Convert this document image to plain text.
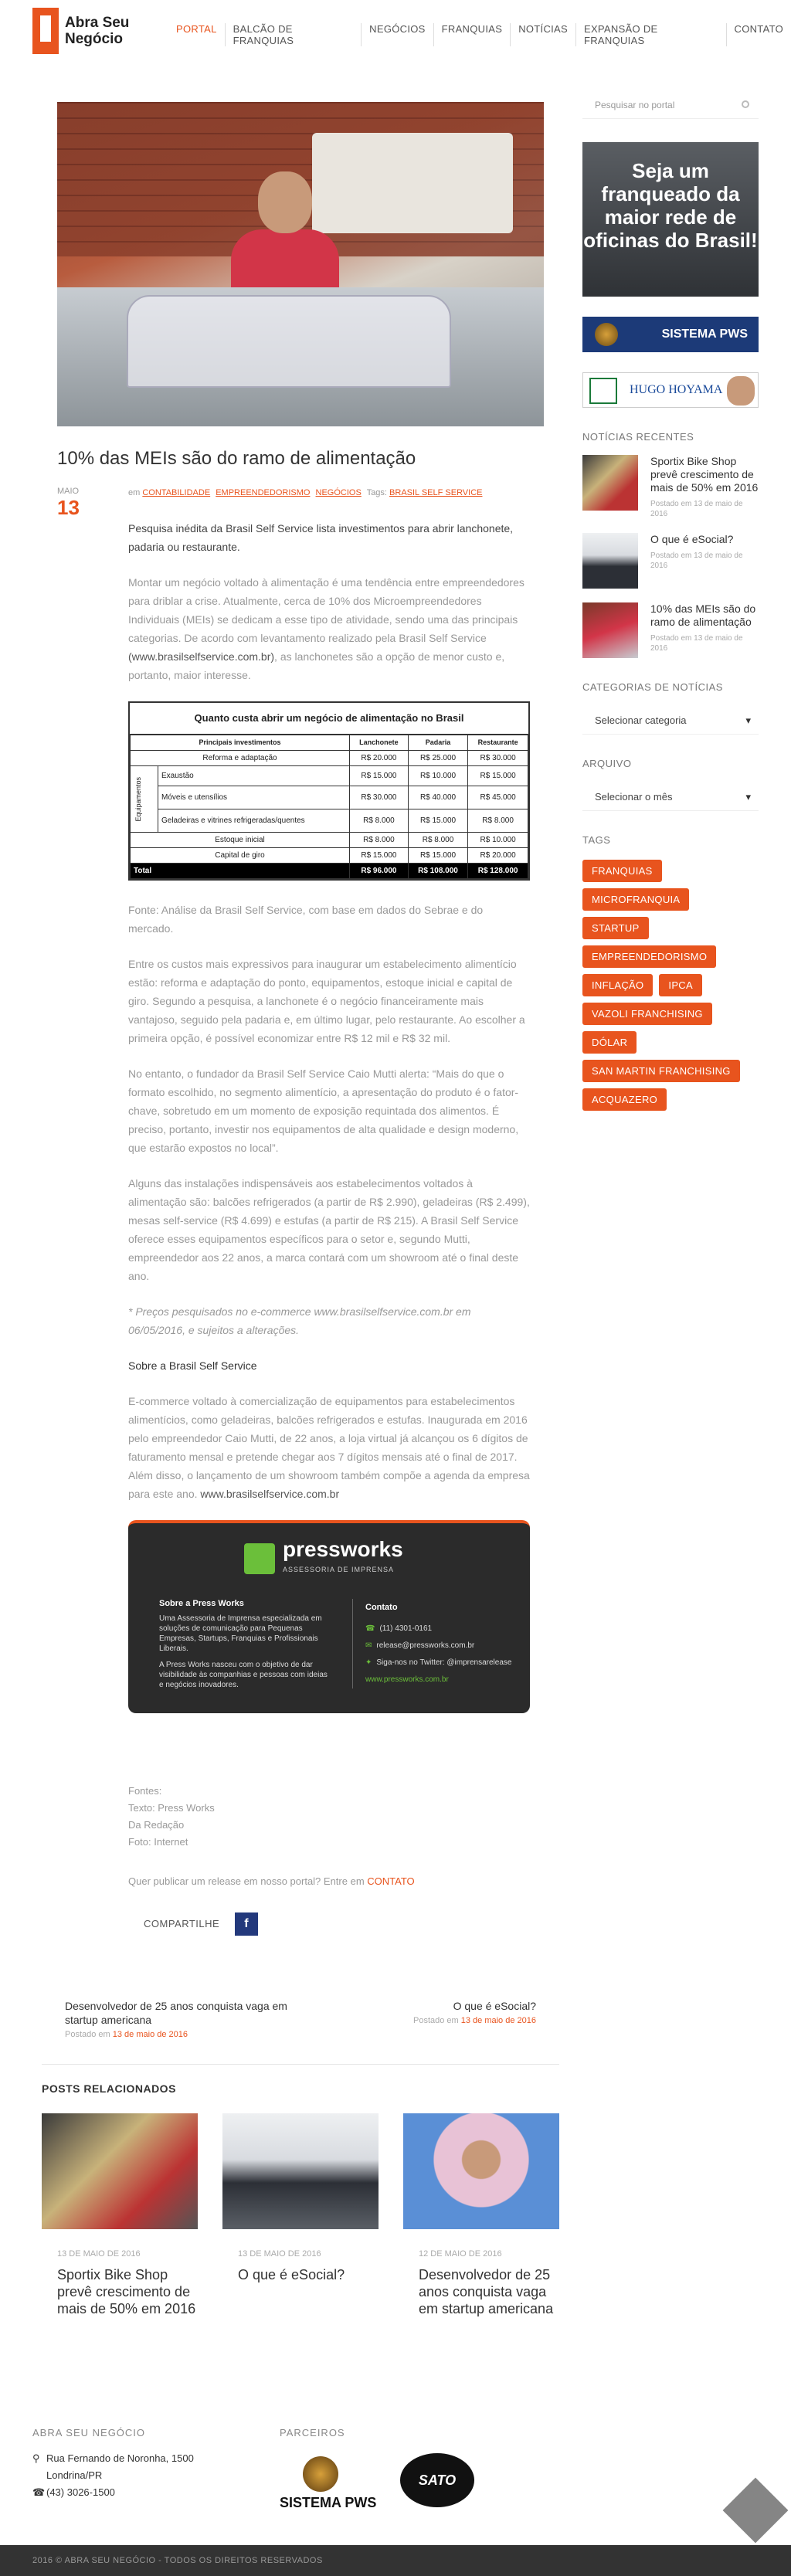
Abra Seu
Negócio
PORTAL	BALCÃO DE FRANQUIAS
NEGÓCIOS	FRANQUIAS	NOTÍCIAS	EXPANSÃO DE FRANQUIAS
CONTATO
10% das MEIs são do ramo de alimentação
MAIO
13
em CONTABILIDADE EMPREENDEDORISMO NEGÓCIOS Tags: BRASIL SELF SERVICE

Pesquisa inédita da Brasil Self Service lista investimentos para abrir lanchonete, padaria ou restaurante.

Montar um negócio voltado à alimentação é uma tendência entre empreendedores para driblar a crise. Atualmente, cerca de 10% dos Microempreendedores Individuais (MEIs) se dedicam a esse tipo de atividade, sendo uma das principais categorias. De acordo com levantamento realizado pela Brasil Self Service (www.brasilselfservice.com.br), as lanchonetes são a opção de menor custo e, portanto, maior interesse.

Quanto custa abrir um negócio de alimentação no Brasil
Principais investimentos		Lanchonete	Padaria	Restaurante
Reforma e adaptação		R$ 20.000	R$ 25.000	R$ 30.000

Equipamentos	Exaustão	R$ 15.000	R$ 10.000	R$ 15.000
	Móveis e utensílios	R$ 30.000	R$ 40.000	R$ 45.000
	Geladeiras e vitrines refrigeradas/quentes	R$ 8.000	R$ 15.000	R$ 8.000
Estoque inicial		R$ 8.000	R$ 8.000	R$ 10.000
Capital de giro		R$ 15.000	R$ 15.000	R$ 20.000
Total		R$ 96.000	R$ 108.000	R$ 128.000

Fonte: Análise da Brasil Self Service, com base em dados do Sebrae e do mercado.

Entre os custos mais expressivos para inaugurar um estabelecimento alimentício estão: reforma e adaptação do ponto, equipamentos, estoque inicial e capital de giro. Segundo a pesquisa, a lanchonete é o negócio financeiramente mais vantajoso, seguido pela padaria e, em último lugar, pelo restaurante. Ao escolher a primeira opção, é possível economizar entre R$ 12 mil e R$ 32 mil.

No entanto, o fundador da Brasil Self Service Caio Mutti alerta: “Mais do que o formato escolhido, no segmento alimentício, a apresentação do produto é o fator-chave, sobretudo em um momento de exposição requintada dos alimentos. É preciso, portanto, investir nos equipamentos de alta qualidade e design moderno, que estarão expostos no local”.

Alguns das instalações indispensáveis aos estabelecimentos voltados à alimentação são: balcões refrigerados (a partir de R$ 2.990), geladeiras (R$ 2.499), mesas self-service (R$ 4.699) e estufas (a partir de R$ 215). A Brasil Self Service oferece esses equipamentos específicos para o setor e, segundo Mutti, empreendedor aos 22 anos, a marca contará com um showroom até o final deste ano.

* Preços pesquisados no e-commerce www.brasilselfservice.com.br em 06/05/2016, e sujeitos a alterações.

Sobre a Brasil Self Service

E-commerce voltado à comercialização de equipamentos para estabelecimentos alimentícios, como geladeiras, balcões refrigerados e estufas. Inaugurada em 2016 pelo empreendedor Caio Mutti, de 22 anos, a loja virtual já alcançou os 6 dígitos de faturamento mensal e pretende chegar aos 7 dígitos mensais até o final de 2017. Além disso, o lançamento de um showroom também compõe a agenda da empresa para este ano. www.brasilselfservice.com.br

pressworks
ASSESSORIA DE IMPRENSA
Sobre a Press Works
Uma Assessoria de Imprensa especializada em soluções de comunicação para Pequenas Empresas, Startups, Franquias e Profissionais Liberais.
A Press Works nasceu com o objetivo de dar visibilidade às companhias e pessoas com ideias e negócios inovadores.
Contato
☎ (11) 4301-0161
✉ release@pressworks.com.br
✦ Siga-nos no Twitter: @imprensarelease
www.pressworks.com.br
Fontes:
Texto: Press Works
Da Redação
Foto: Internet
Quer publicar um release em nosso portal? Entre em CONTATO
COMPARTILHE	f
Desenvolvedor de 25 anos conquista vaga em startup americana
Postado em 13 de maio de 2016
O que é eSocial?
Postado em 13 de maio de 2016
POSTS RELACIONADOS
13 DE MAIO DE 2016
Sportix Bike Shop prevê crescimento de mais de 50% em 2016
13 DE MAIO DE 2016
O que é eSocial?
12 DE MAIO DE 2016
Desenvolvedor de 25 anos conquista vaga em startup americana
Pesquisar no portal
Seja um franqueado da maior rede de oficinas do Brasil!
SISTEMA PWS
HUGO HOYAMA
NOTÍCIAS RECENTES
Sportix Bike Shop prevê crescimento de mais de 50% em 2016
Postado em 13 de maio de 2016
O que é eSocial?
Postado em 13 de maio de 2016
10% das MEIs são do ramo de alimentação
Postado em 13 de maio de 2016
CATEGORIAS DE NOTÍCIAS
Selecionar categoria ▾
ARQUIVO
Selecionar o mês ▾
TAGS
FRANQUIAS
MICROFRANQUIA
STARTUP
EMPREENDEDORISMO
INFLAÇÃO	IPCA
VAZOLI FRANCHISING
DÓLAR
SAN MARTIN FRANCHISING
ACQUAZERO
ABRA SEU NEGÓCIO
⚲ Rua Fernando de Noronha, 1500
Londrina/PR
☎ (43) 3026-1500
PARCEIROS
SISTEMA PWS
SATO
2016 © ABRA SEU NEGÓCIO - TODOS OS DIREITOS RESERVADOS
